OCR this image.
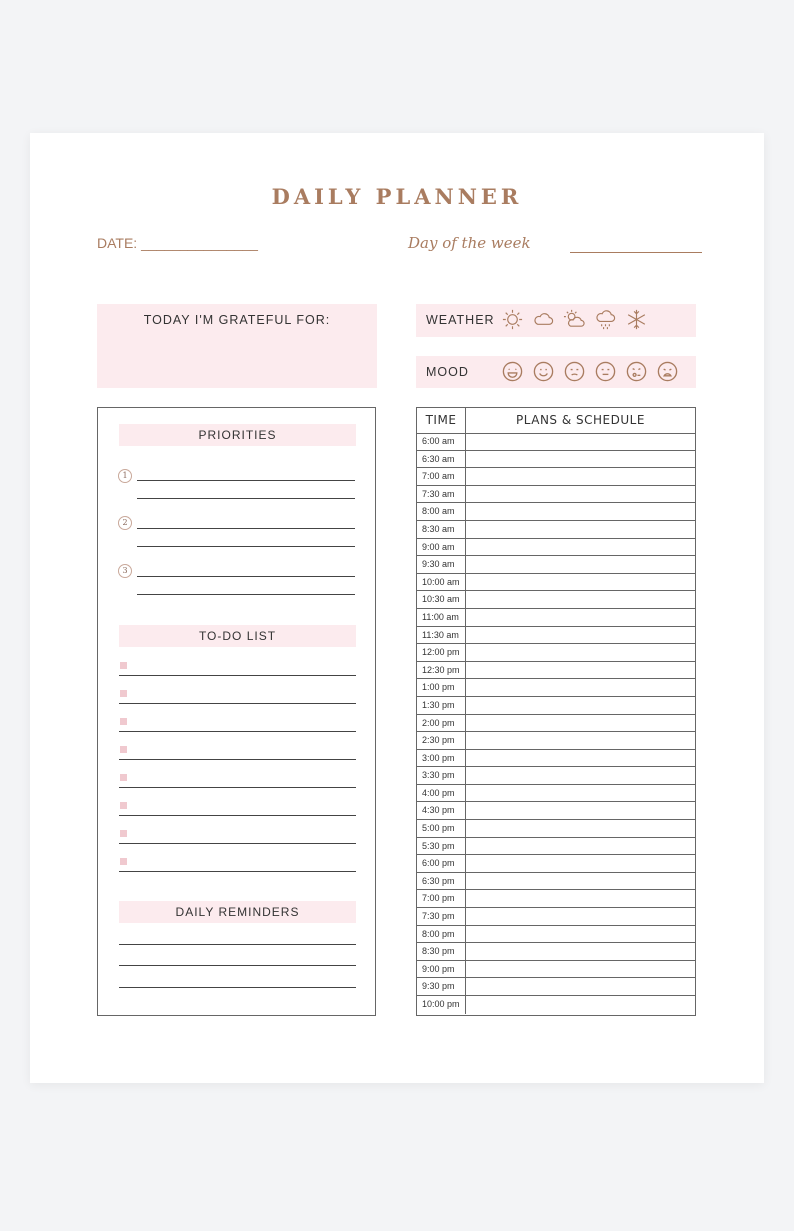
DAILY PLANNER
DATE: _______________	Day of the week
TODAY I'M GRATEFUL FOR:	WEATHER
MOOD
PRIORITIES
1
2
3
TO-DO LIST
DAILY REMINDERS
TIME	PLANS & SCHEDULE
6:00 am
6:30 am
7:00 am
7:30 am
8:00 am
8:30 am
9:00 am
9:30 am
10:00 am
10:30 am
11:00 am
11:30 am
12:00 pm
12:30 pm
1:00 pm
1:30 pm
2:00 pm
2:30 pm
3:00 pm
3:30 pm
4:00 pm
4:30 pm
5:00 pm
5:30 pm
6:00 pm
6:30 pm
7:00 pm
7:30 pm
8:00 pm
8:30 pm
9:00 pm
9:30 pm
10:00 pm
